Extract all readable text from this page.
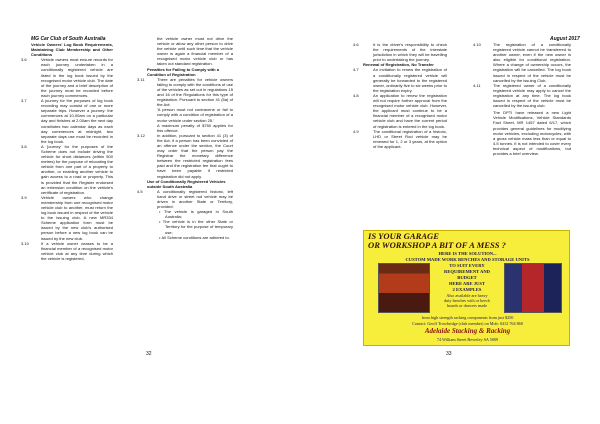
MG Car Club of South Australia

Vehicle Owners' Log Book Requirements, Maintaining Club Membership and Other Conditions

3.6	Vehicle owners must ensure records for each journey undertaken in a conditionally registered vehicle are listed in the log book issued by the recognised motor vehicle club. The date of the journey and a brief description of the journey must be recorded before each journey commences.

3.7	A journey for the purposes of log book recording may consist of one or more separate trips. However a journey: the commences at 10.00am on a particular day and finishes at 2.00am the next day constitutes two calendar days as each day commences at midnight, two separate days use must be recorded in the log book.

3.8	A 'journey' for the purposes of the Scheme does not include driving the vehicle for short distances (within 500 metres) for the purpose of relocating the vehicle from one part of a property to another, or enabling another vehicle to gain access to a road or property. This is provided that the Register endorsed an extension condition on the vehicle's certificate of registration.

3.9	Vehicle owners who change membership from one recognised motor vehicle club to another, must return the log book issued in respect of the vehicle to the issuing club. A new MR334 Scheme application form must be issued by the new club's authorised person before a new log book can be issued by the new club.

3.10	If a vehicle owner ceases to be a financial member of a recognised motor vehicle club at any time during which the vehicle is registered,

the vehicle owner must not drive the vehicle or allow any other person to drive the vehicle until such time that the vehicle owner is again a financial member of a recognised motor vehicle club or has taken out standard registration.

Penalties for Failing to Comply with a Condition of Registration

3.11	There are penalties for vehicle owners failing to comply with the conditions of use of the vehicles as set out in regulations 15 and 16 of the Regulations for this type of registration. Pursuant to section 41 (5a) of the Act:

'A person must not contravene or fail to comply with a condition of registration of a motor vehicle under section 25.'

A maximum penalty of $750 applies for this offence.

3.12	In addition, pursuant to section 41 (3) of the Act, if a person has been convicted of an offence under the section, the Court may order that the person pay the Registrar the monetary difference between the restricted registration fees paid and the registration fee that ought to have been payable if restricted registration did not apply.

Use of Conditionally Registered Vehicles outside South Australia

4.5	A conditionally registered historic, left hand drive or street rod vehicle may be driven in another State or Territory, provided:

• The vehicle is garaged in South Australia;

• The vehicle is in the other State or Territory for the purpose of temporary use;

• All Scheme conditions are adhered to.

32
August 2017

4.6	It is the driver's responsibility to check the requirements of the interstate jurisdiction in which they will be travelling prior to undertaking the journey.

Renewal of Registration, No Transfer

4.7	An invitation to renew the registration of a conditionally registered vehicle will generally be forwarded to the registered owner, ordinarily five to six weeks prior to the registration expiry.

4.8	An application to renew the registration will not require further approval from the recognised motor vehicle club. However, the applicant must continue to be a financial member of a recognised motor vehicle club and have the current period of registration is entered in the log book.

4.9	The conditional registration of a historic, LHD or Street Rod vehicle may be renewed for 1, 2 or 3 years, at the option of the applicant.

4.10	The registration of a conditionally registered vehicle cannot be transferred to another owner, even if the new owner is also eligible for conditional registration. Where a change of ownership occurs, the registration will be cancelled. The log book issued in respect of the vehicle must be cancelled by the issuing Club.

4.11	The registered owner of a conditionally registered vehicle may apply to cancel the registration at any time. The log book issued in respect of the vehicle must be cancelled by the issuing club.

The DPTI have released a new Light Vehicle Modifications, Vehicle Standards Fact Sheet, MR 1457 dated 6/17, which provides general guidelines for modifying motor vehicles, excluding motorcycles, with a gross vehicle mass less than or equal to 4.5 tonnes. It is not intended to cover every technical aspect of modifications, but provides a brief overview.

33
IS YOUR GARAGE
OR WORKSHOP A BIT OF A MESS ?
HERE IS THE SOLUTION...
CUSTOM MADE WORK BENCHES AND STORAGE UNITS
TO SUIT EVERY
REQUIREMENT AND
BUDGET
HERE ARE JUST
2 EXAMPLES
Also available are heavy
duty benches with or beech
boards or drawers made
from high strength racking components from just $250
Contact: Geoff Trowbridge (club member) on Mob: 0412 764 868
Adelaide Stacking & Racking
74 William Street Beverley SA 5009
